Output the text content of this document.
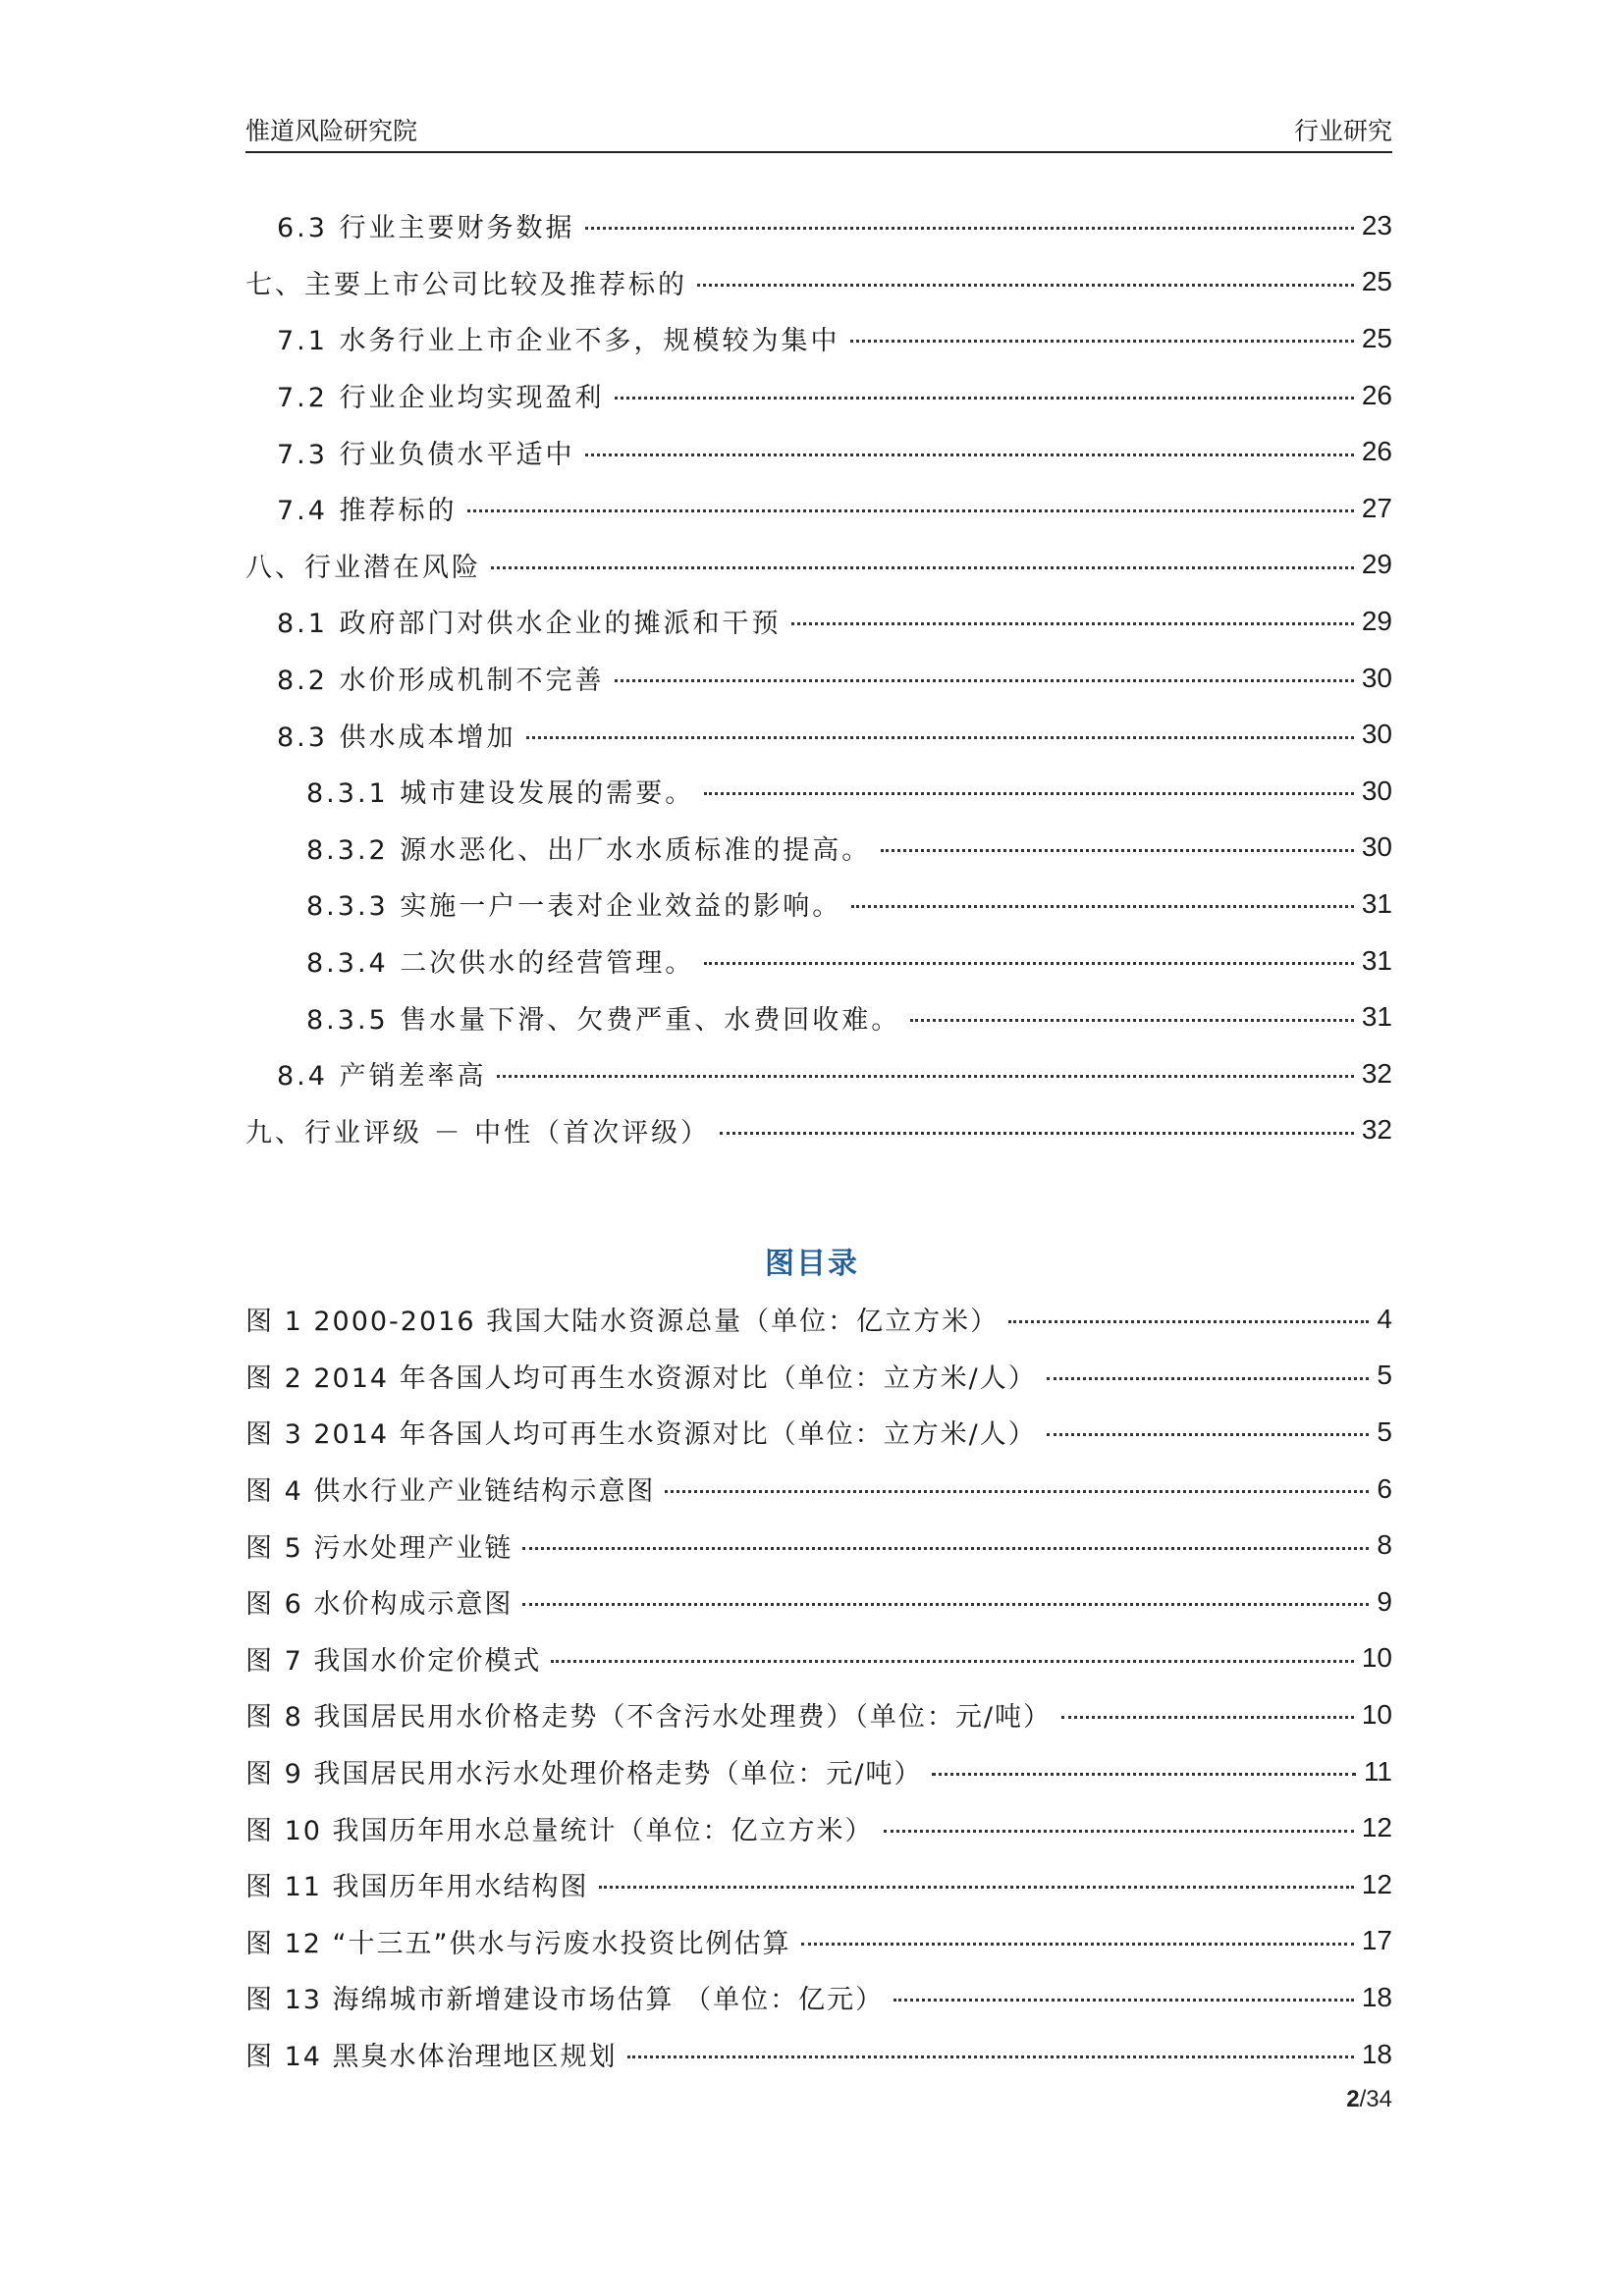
惟道风险研究院	行业研究
6.3 行业主要财务数据	23
七、主要上市公司比较及推荐标的	25
7.1 水务行业上市企业不多，规模较为集中	25
7.2 行业企业均实现盈利	26
7.3 行业负债水平适中	26
7.4 推荐标的	27
八、行业潜在风险	29
8.1 政府部门对供水企业的摊派和干预	29
8.2 水价形成机制不完善	30
8.3 供水成本增加	30
8.3.1 城市建设发展的需要。	30
8.3.2 源水恶化、出厂水水质标准的提高。	30
8.3.3 实施一户一表对企业效益的影响。	31
8.3.4 二次供水的经营管理。	31
8.3.5 售水量下滑、欠费严重、水费回收难。	31
8.4 产销差率高	32
九、行业评级 － 中性（首次评级）	32
图目录
图 1 2000-2016 我国大陆水资源总量（单位：亿立方米）	4
图 2 2014 年各国人均可再生水资源对比（单位：立方米/人）	5
图 3 2014 年各国人均可再生水资源对比（单位：立方米/人）	5
图 4 供水行业产业链结构示意图	6
图 5 污水处理产业链	8
图 6 水价构成示意图	9
图 7 我国水价定价模式	10
图 8 我国居民用水价格走势（不含污水处理费）（单位：元/吨）	10
图 9 我国居民用水污水处理价格走势（单位：元/吨）	11
图 10 我国历年用水总量统计（单位：亿立方米）	12
图 11 我国历年用水结构图	12
图 12 “十三五”供水与污废水投资比例估算	17
图 13 海绵城市新增建设市场估算 （单位：亿元）	18
图 14 黑臭水体治理地区规划	18
2/34
